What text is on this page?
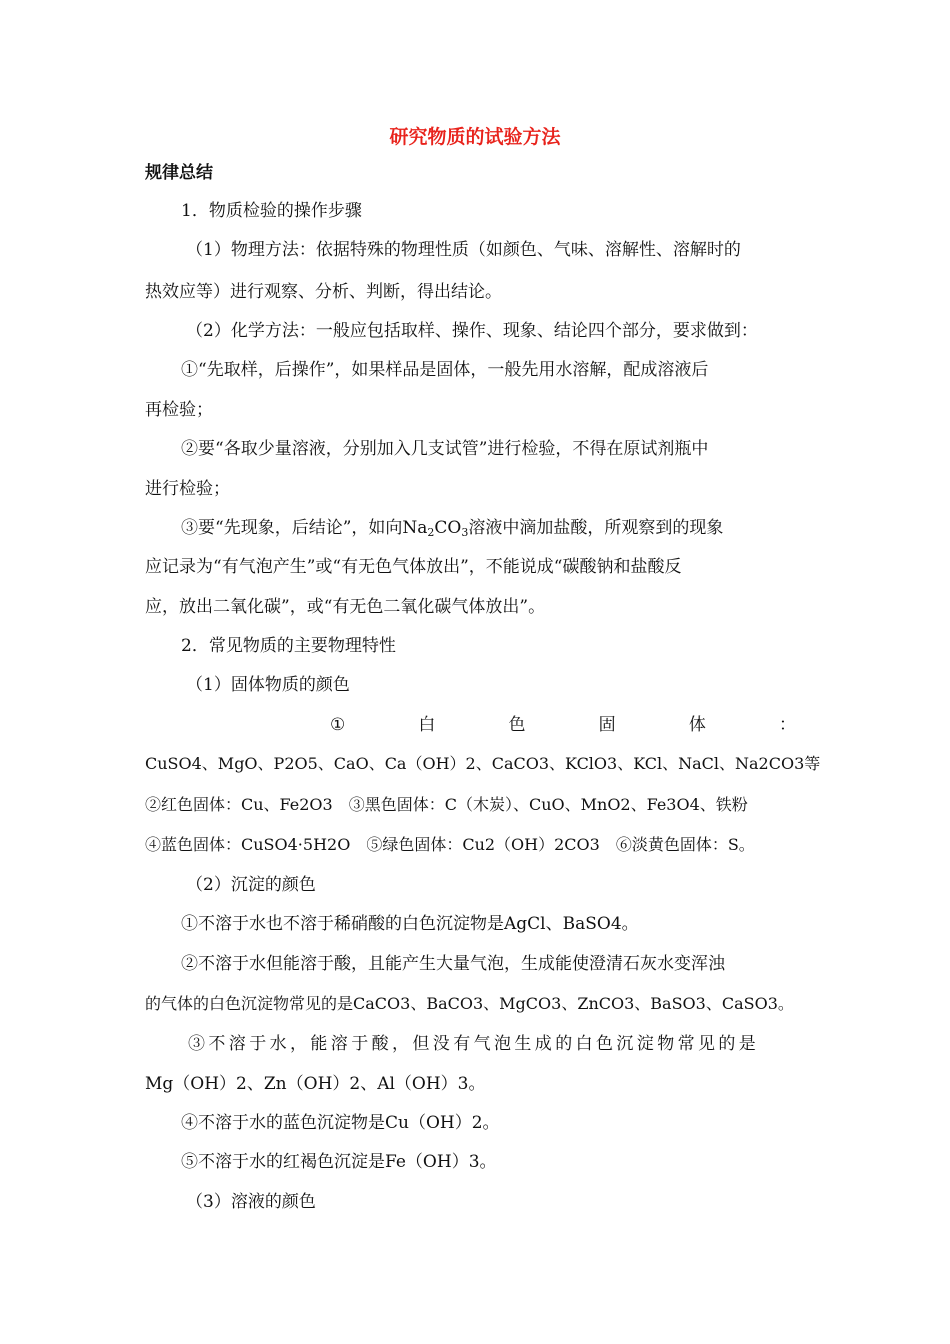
研究物质的试验方法
规律总结
1．物质检验的操作步骤
（1）物理方法：依据特殊的物理性质（如颜色、气味、溶解性、溶解时的
热效应等）进行观察、分析、判断，得出结论。
（2）化学方法：一般应包括取样、操作、现象、结论四个部分，要求做到：
①“先取样，后操作”，如果样品是固体，一般先用水溶解，配成溶液后
再检验；
②要“各取少量溶液，分别加入几支试管”进行检验，不得在原试剂瓶中
进行检验；
③要“先现象，后结论”，如向$Na_2CO_3$溶液中滴加盐酸，所观察到的现象
应记录为“有气泡产生”或“有无色气体放出”，不能说成“碳酸钠和盐酸反
应，放出二氧化碳”，或“有无色二氧化碳气体放出”。
2．常见物质的主要物理特性
（1）固体物质的颜色
①	白	色	固	体	：
CuSO4、MgO、P2O5、CaO、Ca（OH）2、CaCO3、KClO3、KCl、NaCl、Na2CO3等
②红色固体：Cu、Fe2O3　③黑色固体：C（木炭）、CuO、MnO2、Fe3O4、铁粉
④蓝色固体：CuSO4·5H2O　⑤绿色固体：Cu2（OH）2CO3　⑥淡黄色固体：S。
（2）沉淀的颜色
①不溶于水也不溶于稀硝酸的白色沉淀物是AgCl、BaSO4。
②不溶于水但能溶于酸，且能产生大量气泡，生成能使澄清石灰水变浑浊
的气体的白色沉淀物常见的是CaCO3、BaCO3、MgCO3、ZnCO3、BaSO3、CaSO3。
③不溶于水，能溶于酸，但没有气泡生成的白色沉淀物常见的是
Mg（OH）2、Zn（OH）2、Al（OH）3。
④不溶于水的蓝色沉淀物是Cu（OH）2。
⑤不溶于水的红褐色沉淀是Fe（OH）3。
（3）溶液的颜色
